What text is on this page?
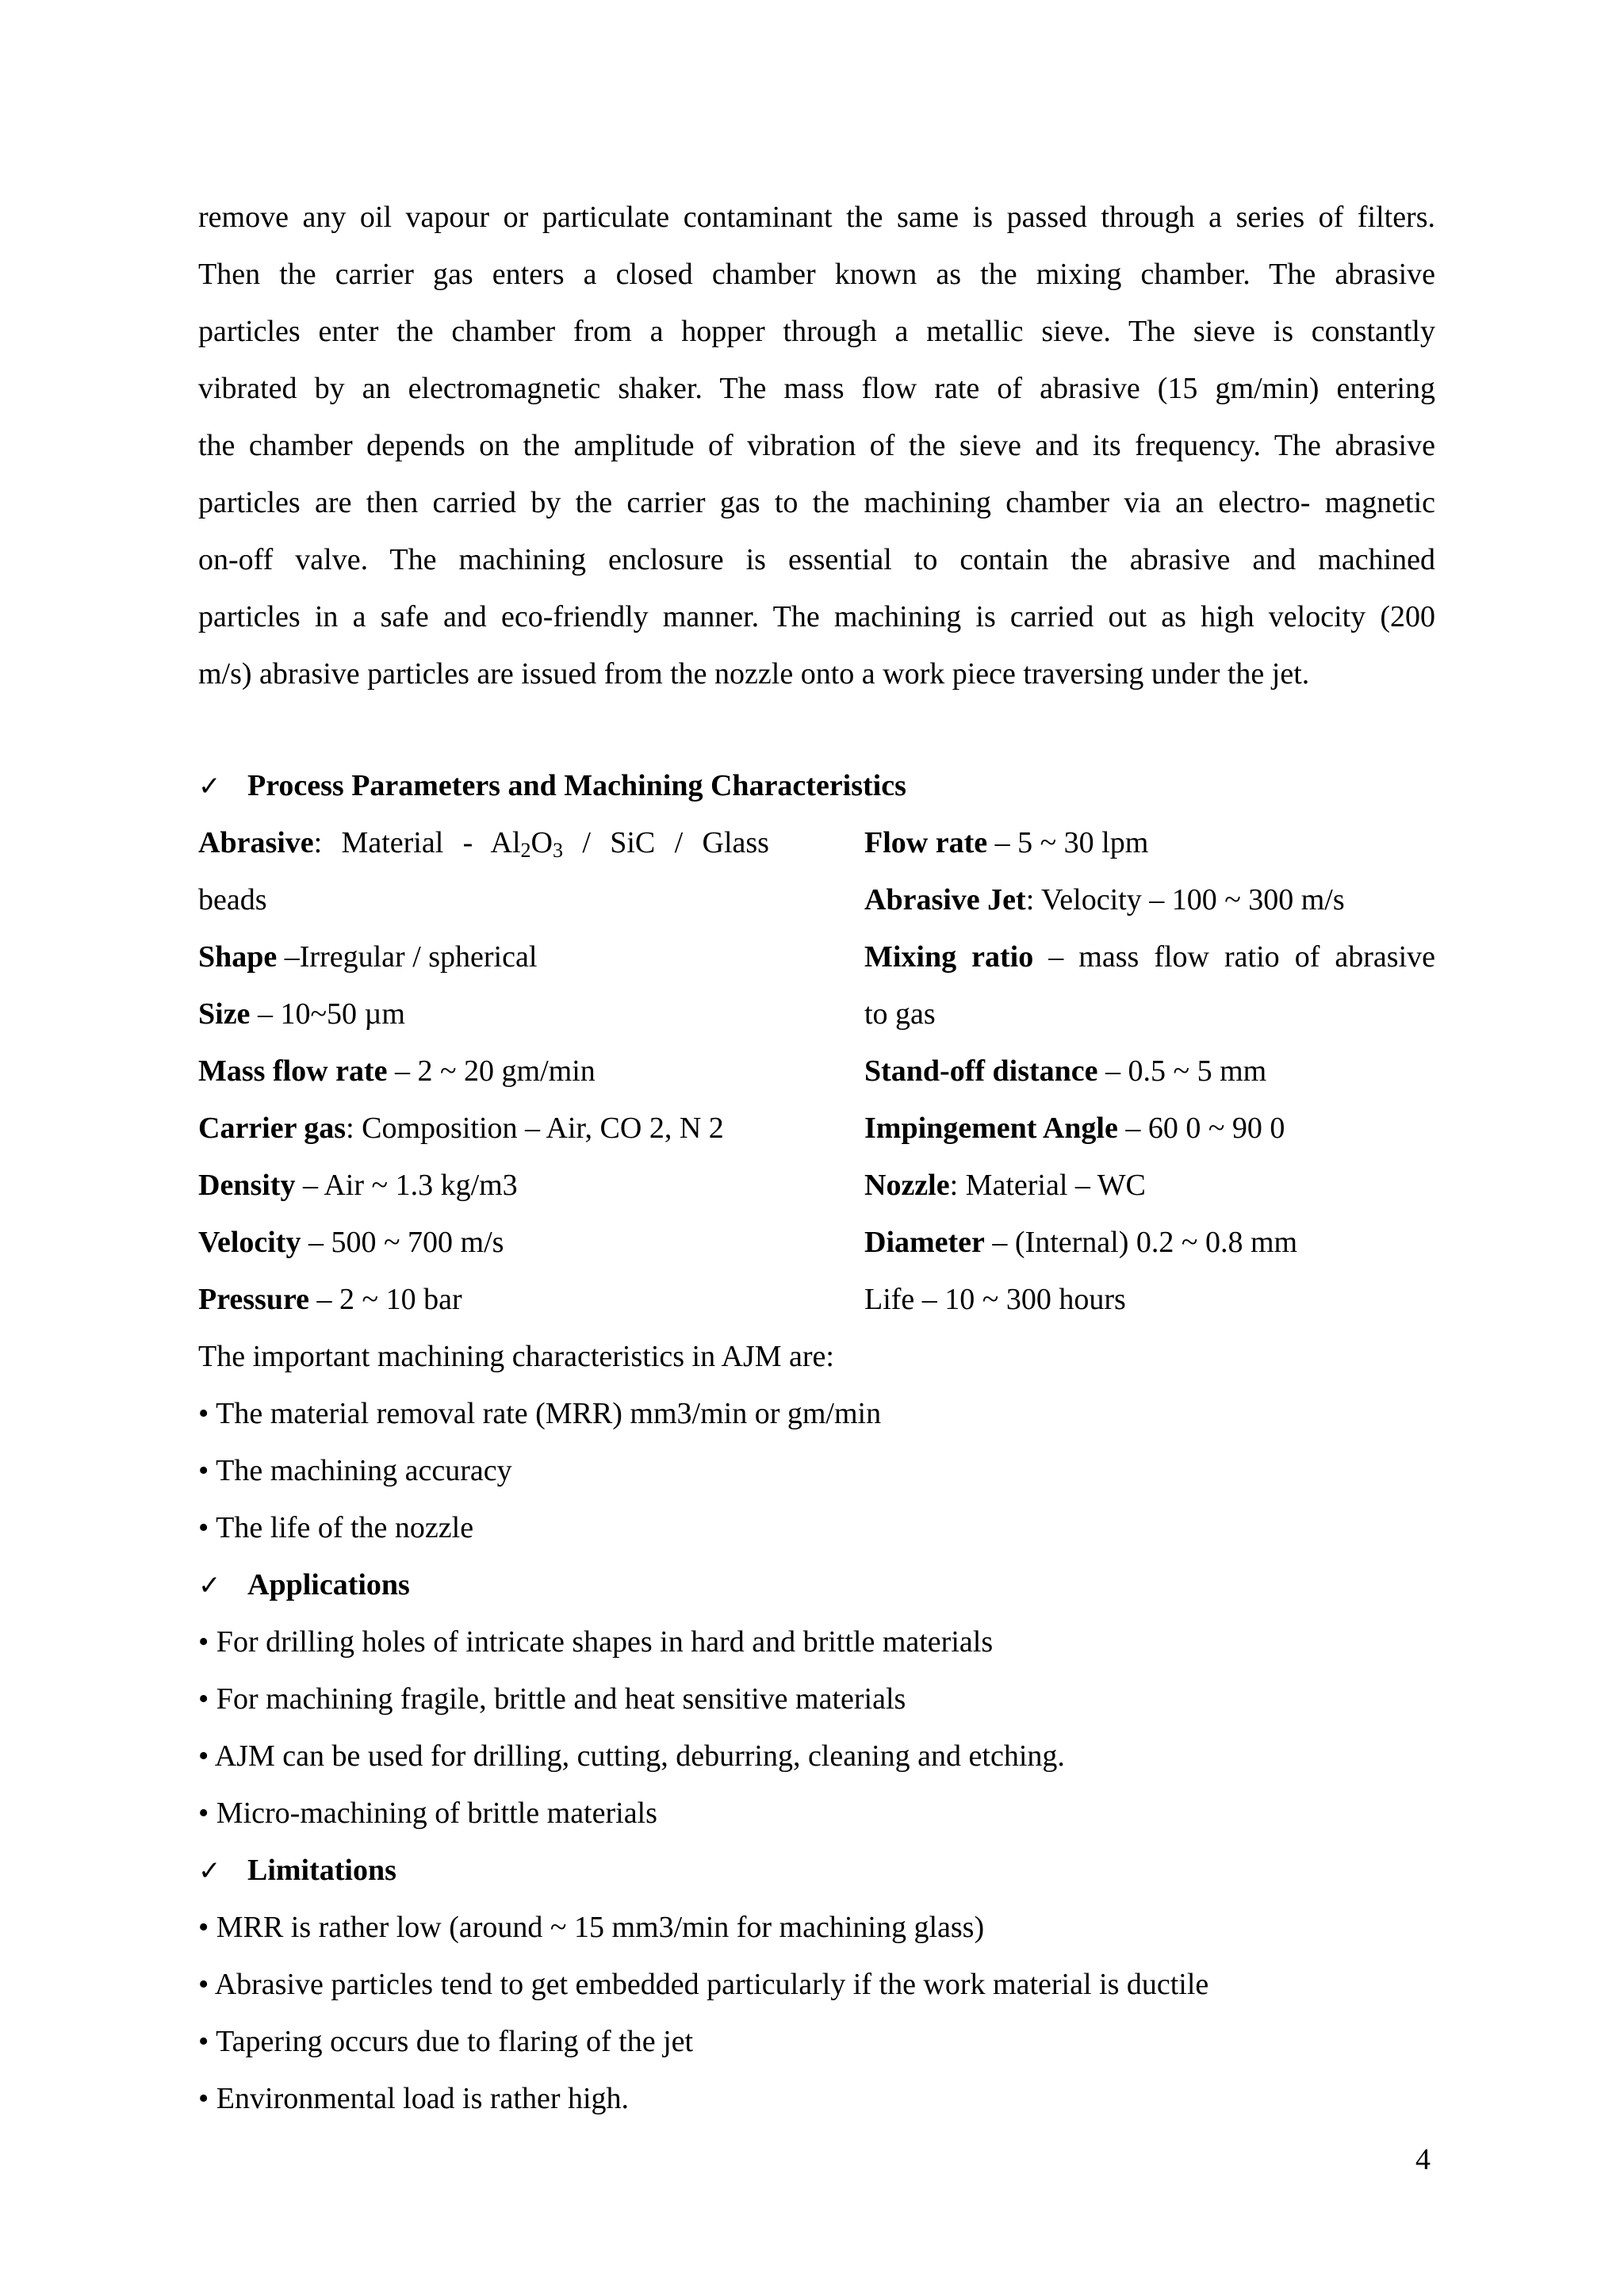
remove any oil vapour or particulate contaminant the same is passed through a series of filters.
Then the carrier gas enters a closed chamber known as the mixing chamber. The abrasive
particles enter the chamber from a hopper through a metallic sieve. The sieve is constantly
vibrated by an electromagnetic shaker. The mass flow rate of abrasive (15 gm/min) entering
the chamber depends on the amplitude of vibration of the sieve and its frequency. The abrasive
particles are then carried by the carrier gas to the machining chamber via an electro- magnetic
on-off valve. The machining enclosure is essential to contain the abrasive and machined
particles in a safe and eco-friendly manner. The machining is carried out as high velocity (200
m/s) abrasive particles are issued from the nozzle onto a work piece traversing under the jet.
✓ Process Parameters and Machining Characteristics
Abrasive: Material - $Al_2O_3$ / SiC / Glass
beads
Shape –Irregular / spherical
Size – 10~50 µm
Mass flow rate – 2 ~ 20 gm/min
Carrier gas: Composition – Air, CO 2, N 2
Density – Air ~ 1.3 kg/m3
Velocity – 500 ~ 700 m/s
Pressure – 2 ~ 10 bar
Flow rate – 5 ~ 30 lpm
Abrasive Jet: Velocity – 100 ~ 300 m/s
Mixing ratio – mass flow ratio of abrasive
to gas
Stand-off distance – 0.5 ~ 5 mm
Impingement Angle – 60 0 ~ 90 0
Nozzle: Material – WC
Diameter – (Internal) 0.2 ~ 0.8 mm
Life – 10 ~ 300 hours
The important machining characteristics in AJM are:
• The material removal rate (MRR) mm3/min or gm/min
• The machining accuracy
• The life of the nozzle
✓ Applications
• For drilling holes of intricate shapes in hard and brittle materials
• For machining fragile, brittle and heat sensitive materials
• AJM can be used for drilling, cutting, deburring, cleaning and etching.
• Micro-machining of brittle materials
✓ Limitations
• MRR is rather low (around ~ 15 mm3/min for machining glass)
• Abrasive particles tend to get embedded particularly if the work material is ductile
• Tapering occurs due to flaring of the jet
• Environmental load is rather high.
4
